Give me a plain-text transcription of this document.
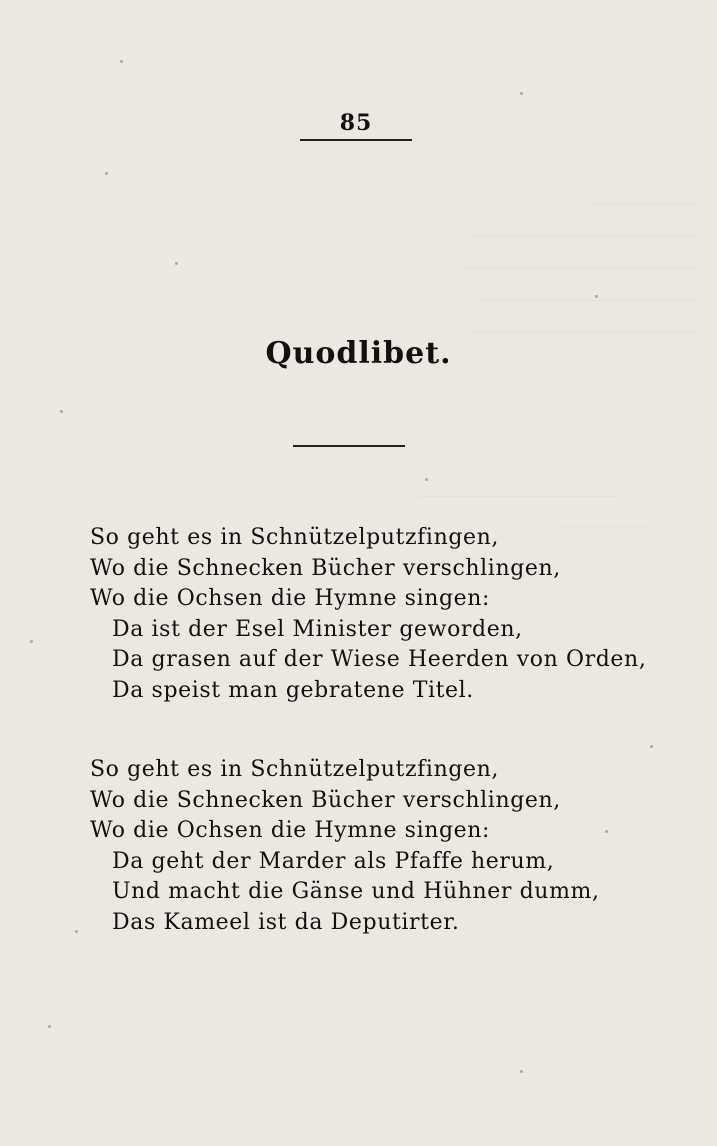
85
Quodlibet.
So geht es in Schnützelputzfingen,
Wo die Schnecken Bücher verschlingen,
Wo die Ochsen die Hymne singen:
Da ist der Esel Minister geworden,
Da grasen auf der Wiese Heerden von Orden,
Da speist man gebratene Titel.
So geht es in Schnützelputzfingen,
Wo die Schnecken Bücher verschlingen,
Wo die Ochsen die Hymne singen:
Da geht der Marder als Pfaffe herum,
Und macht die Gänse und Hühner dumm,
Das Kameel ist da Deputirter.
